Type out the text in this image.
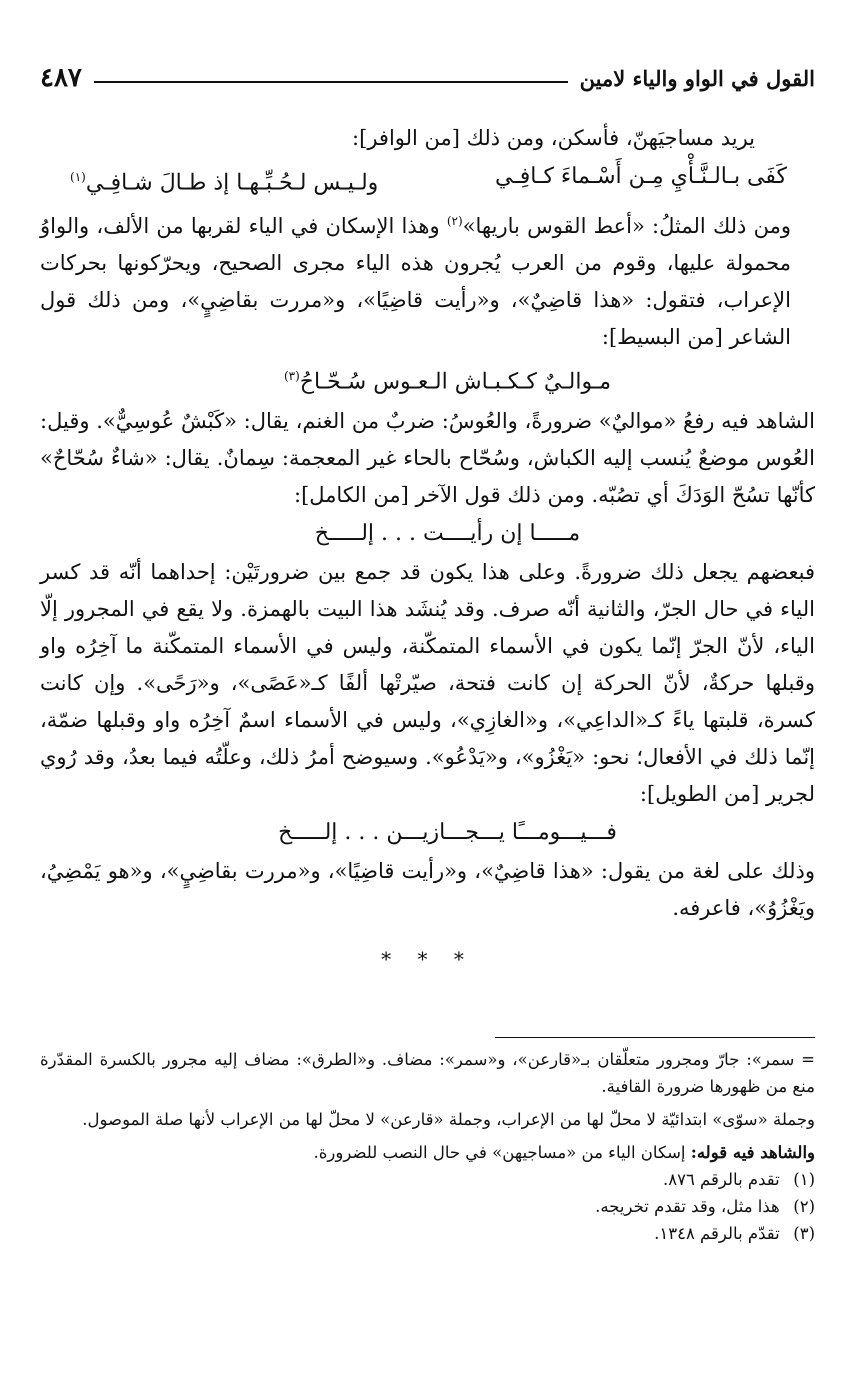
القول في الواو والياء لامين
٤٨٧

يريد مساجيَهنّ، فأسكن، ومن ذلك [من الوافر]:

كَفَى بـالـنَّـأْيِ مِـن أَسْـماءَ كـافِـي
ولـيـس لـحُـبِّـهـا إذ طـالَ شـافِـي$^{(١)}$

ومن ذلك المثلُ: «أعط القوس باريها»$^{(٢)}$ وهذا الإسكان في الياء لقربها من الألف، والواوُ محمولة عليها، وقوم من العرب يُجرون هذه الياء مجرى الصحيح، ويحرّكونها بحركات الإعراب، فتقول: «هذا قاضِيٌ»، و«رأيت قاضِيًا»، و«مررت بقاضِيٍ»، ومن ذلك قول الشاعر [من البسيط]:

مـوالـيٌ كـكـبـاش الـعـوس سُـحّـاحُ$^{(٣)}$

الشاهد فيه رفعُ «مواليٌ» ضرورةً، والعُوسُ: ضربٌ من الغنم، يقال: «كَبْشٌ عُوسِيٌّ». وقيل: العُوس موضعٌ يُنسب إليه الكباش، وسُحّاح بالحاء غير المعجمة: سِمانٌ. يقال: «شاءٌ سُحّاحٌ» كأنّها تسُحّ الوَدَكَ أي تصُبّه. ومن ذلك قول الآخر [من الكامل]:

مـــــا إن رأيــــت . . . إلـــــخ

فبعضهم يجعل ذلك ضرورةً. وعلى هذا يكون قد جمع بين ضرورتَيْن: إحداهما أنّه قد كسر الياء في حال الجرّ، والثانية أنّه صرف. وقد يُنشَد هذا البيت بالهمزة. ولا يقع في المجرور إلّا الياء، لأنّ الجرّ إنّما يكون في الأسماء المتمكّنة، وليس في الأسماء المتمكّنة ما آخِرُه واو وقبلها حركةٌ، لأنّ الحركة إن كانت فتحة، صيّرتْها ألفًا كـ«عَصًى»، و«رَحًى». وإن كانت كسرة، قلبتها ياءً كـ«الداعِي»، و«الغازِي»، وليس في الأسماء اسمٌ آخِرُه واو وقبلها ضمّة، إنّما ذلك في الأفعال؛ نحو: «يَغْزُو»، و«يَدْعُو». وسيوضح أمرُ ذلك، وعلّتُه فيما بعدُ، وقد رُوي لجرير [من الطويل]:

فـــيـــومـــًا يـــجـــازيـــن . . . إلـــــخ

وذلك على لغة من يقول: «هذا قاضِيٌ»، و«رأيت قاضِيًا»، و«مررت بقاضِيٍ»، و«هو يَمْضِيُ، ويَغْزُوُ»، فاعرفه.

* * *

= سمر»: جارّ ومجرور متعلّقان بـ«قارعن»، و«سمر»: مضاف. و«الطرق»: مضاف إليه مجرور بالكسرة المقدّرة منع من ظهورها ضرورة القافية.

وجملة «سوّى» ابتدائيّة لا محلّ لها من الإعراب، وجملة «قارعن» لا محلّ لها من الإعراب لأنها صلة الموصول.

والشاهد فيه قوله: إسكان الياء من «مساجيهن» في حال النصب للضرورة.

(١) تقدم بالرقم ٨٧٦.

(٢) هذا مثل، وقد تقدم تخريجه.

(٣) تقدّم بالرقم ١٣٤٨.
